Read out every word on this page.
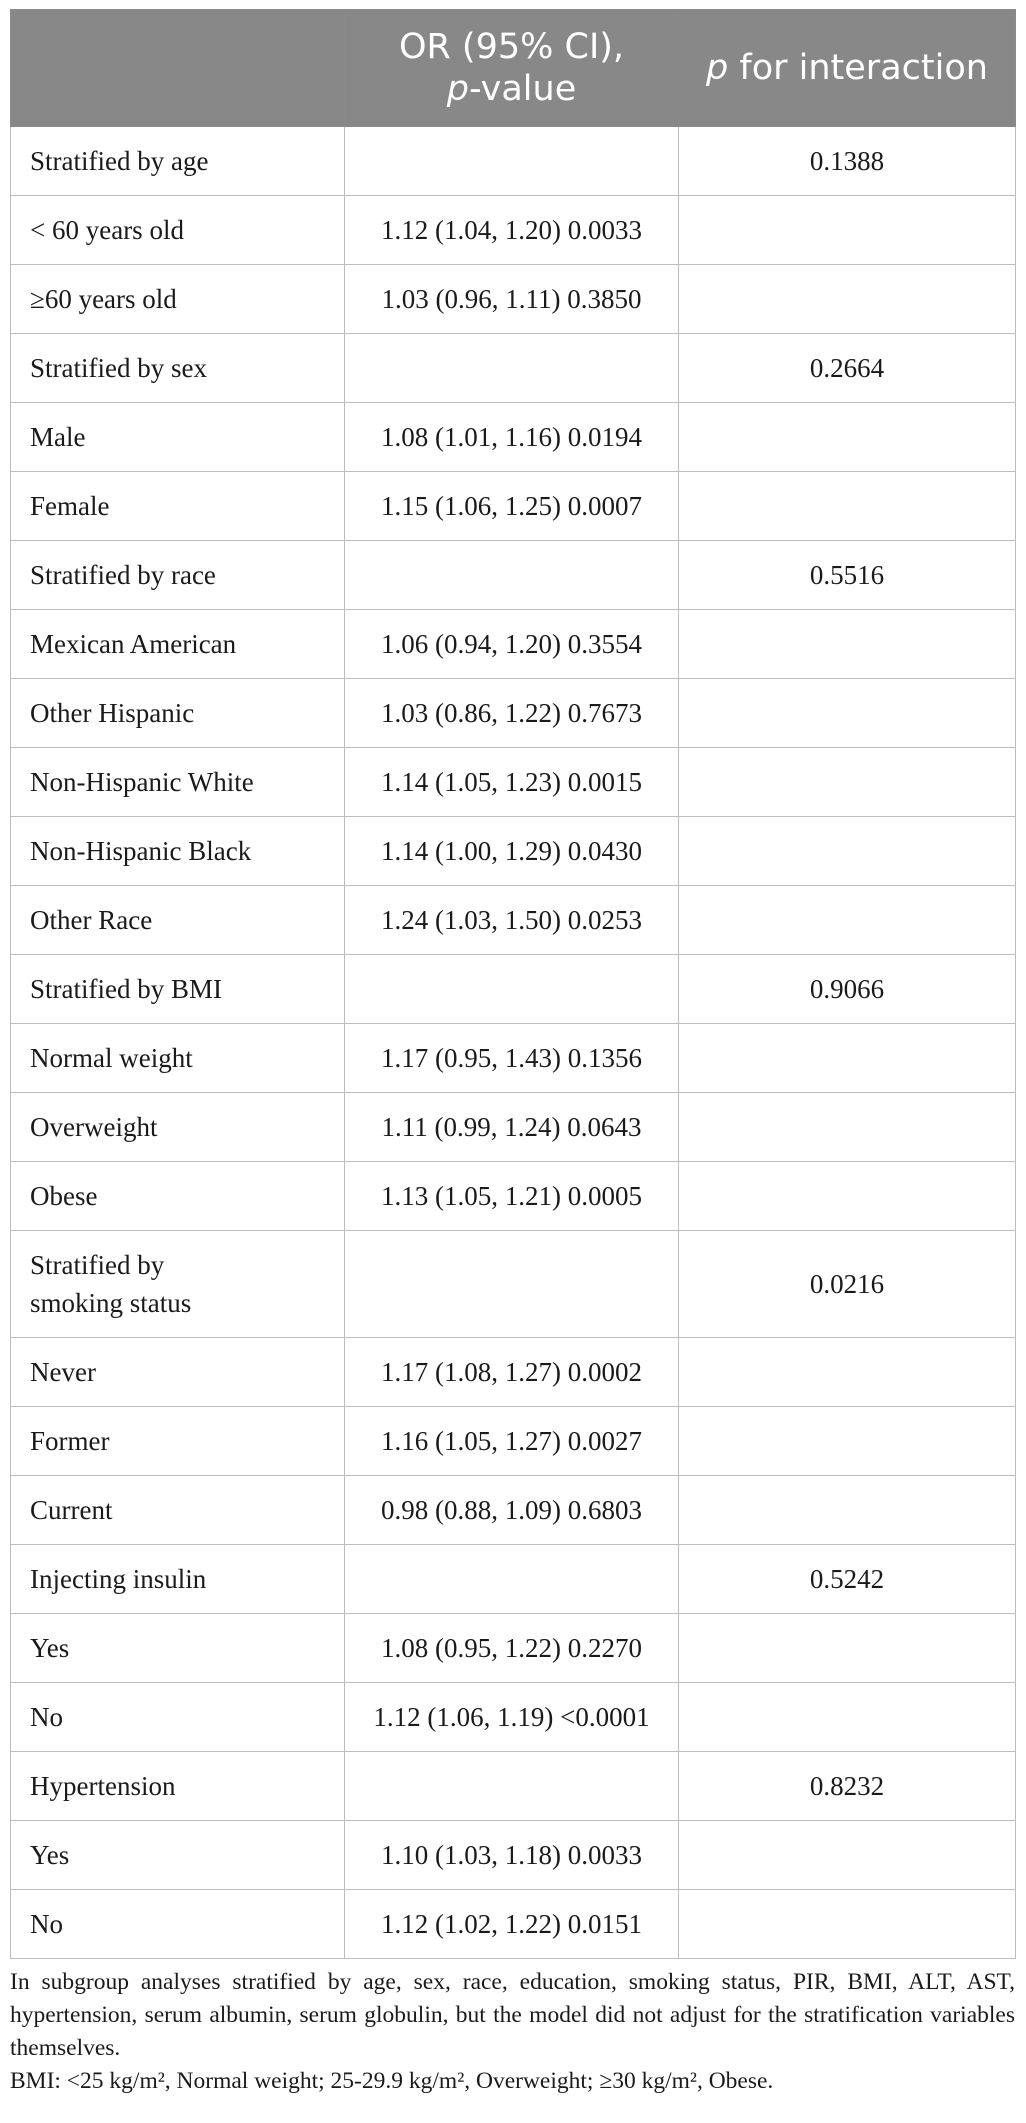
	OR (95% CI),
p-value	p for interaction
Stratified by age		0.1388
< 60 years old	1.12 (1.04, 1.20) 0.0033	
≥60 years old	1.03 (0.96, 1.11) 0.3850	
Stratified by sex		0.2664
Male	1.08 (1.01, 1.16) 0.0194	
Female	1.15 (1.06, 1.25) 0.0007	
Stratified by race		0.5516
Mexican American	1.06 (0.94, 1.20) 0.3554	
Other Hispanic	1.03 (0.86, 1.22) 0.7673	
Non-Hispanic White	1.14 (1.05, 1.23) 0.0015	
Non-Hispanic Black	1.14 (1.00, 1.29) 0.0430	
Other Race	1.24 (1.03, 1.50) 0.0253	
Stratified by BMI		0.9066
Normal weight	1.17 (0.95, 1.43) 0.1356	
Overweight	1.11 (0.99, 1.24) 0.0643	
Obese	1.13 (1.05, 1.21) 0.0005	
Stratified by
smoking status		0.0216
Never	1.17 (1.08, 1.27) 0.0002	
Former	1.16 (1.05, 1.27) 0.0027	
Current	0.98 (0.88, 1.09) 0.6803	
Injecting insulin		0.5242
Yes	1.08 (0.95, 1.22) 0.2270	
No	1.12 (1.06, 1.19) <0.0001	
Hypertension		0.8232
Yes	1.10 (1.03, 1.18) 0.0033	
No	1.12 (1.02, 1.22) 0.0151	

In subgroup analyses stratified by age, sex, race, education, smoking status, PIR, BMI, ALT, AST, hypertension, serum albumin, serum globulin, but the model did not adjust for the stratification variables themselves.

BMI: <25 kg/m², Normal weight; 25-29.9 kg/m², Overweight; ≥30 kg/m², Obese.
